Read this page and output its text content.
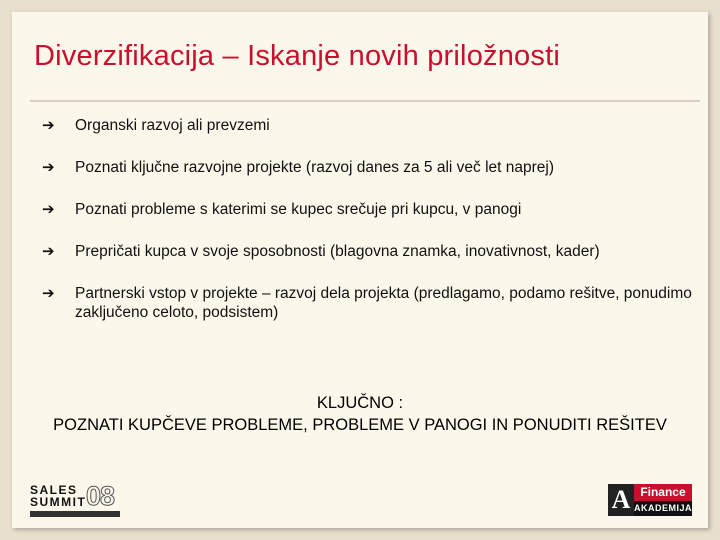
Diverzifikacija – Iskanje novih priložnosti
➔ Organski razvoj ali prevzemi
➔ Poznati ključne razvojne projekte (razvoj danes za 5 ali več let naprej)
➔ Poznati probleme s katerimi se kupec srečuje pri kupcu, v panogi
➔ Prepričati kupca v svoje sposobnosti (blagovna znamka, inovativnost, kader)
➔ Partnerski vstop v projekte – razvoj dela projekta (predlagamo, podamo rešitve, ponudimo zaključeno celoto, podsistem)
KLJUČNO :
POZNATI KUPČEVE PROBLEME, PROBLEME V PANOGI IN PONUDITI REŠITEV
SALES
SUMMIT 08	A Finance
AKADEMIJA
